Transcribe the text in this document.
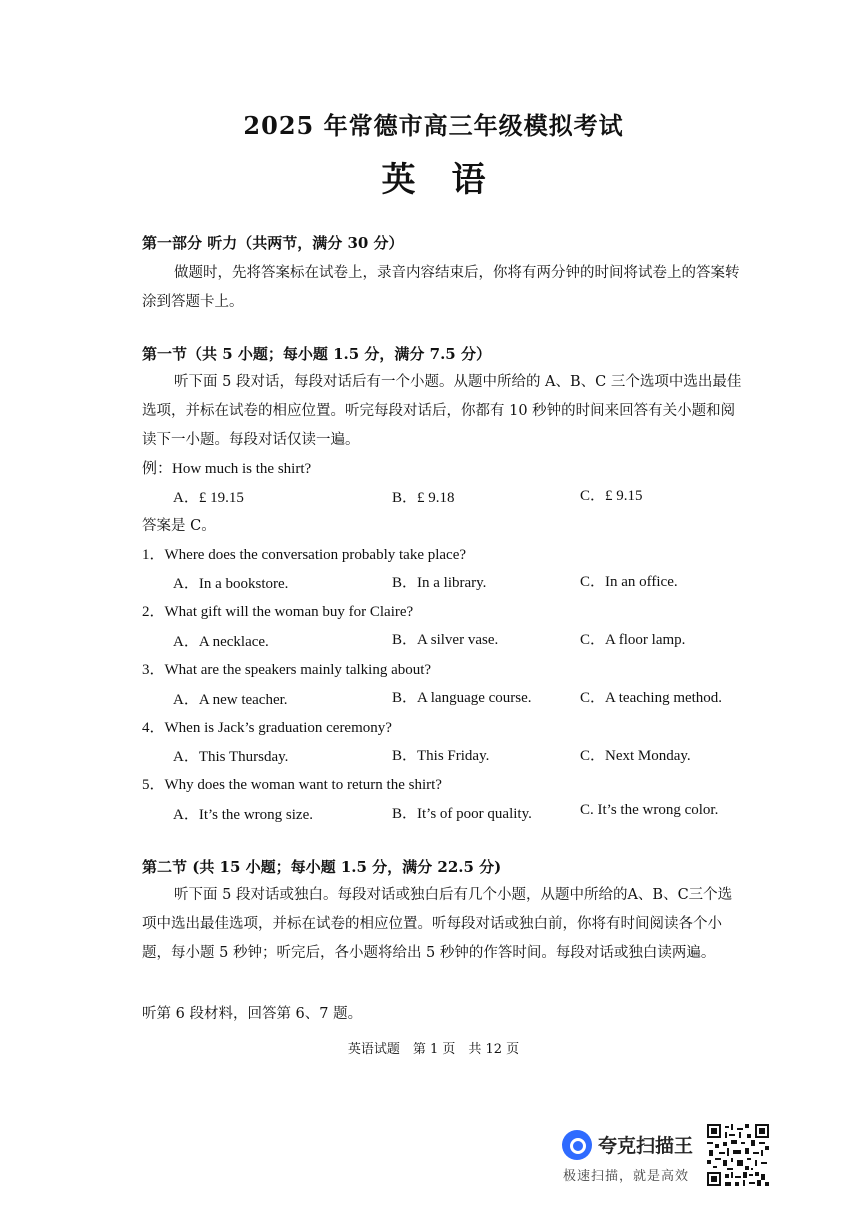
2025 年常德市高三年级模拟考试
英语
第一部分 听力（共两节，满分 30 分）
做题时，先将答案标在试卷上，录音内容结束后，你将有两分钟的时间将试卷上的答案转涂到答题卡上。
第一节（共 5 小题；每小题 1.5 分，满分 7.5 分）
听下面 5 段对话，每段对话后有一个小题。从题中所给的 A、B、C 三个选项中选出最佳选项，并标在试卷的相应位置。听完每段对话后，你都有 10 秒钟的时间来回答有关小题和阅读下一小题。每段对话仅读一遍。
例：How much is the shirt?
A．£ 19.15	B．£ 9.18	C．£ 9.15
答案是 C。
1．Where does the conversation probably take place?
A．In a bookstore.	B．In a library.	C．In an office.
2．What gift will the woman buy for Claire?
A．A necklace.	B．A silver vase.	C．A floor lamp.
3．What are the speakers mainly talking about?
A．A new teacher.	B．A language course.	C．A teaching method.
4．When is Jack’s graduation ceremony?
A．This Thursday.	B．This Friday.	C．Next Monday.
5．Why does the woman want to return the shirt?
A．It’s the wrong size.	B．It’s of poor quality.	C. It’s the wrong color.
第二节 (共 15 小题；每小题 1.5 分，满分 22.5 分)
听下面 5 段对话或独白。每段对话或独白后有几个小题，从题中所给的A、B、C三个选项中选出最佳选项，并标在试卷的相应位置。听每段对话或独白前，你将有时间阅读各个小题，每小题 5 秒钟；听完后，各小题将给出 5 秒钟的作答时间。每段对话或独白读两遍。
听第 6 段材料，回答第 6、7 题。
英语试题　第 1 页　共 12 页
夸克扫描王
极速扫描，就是高效
